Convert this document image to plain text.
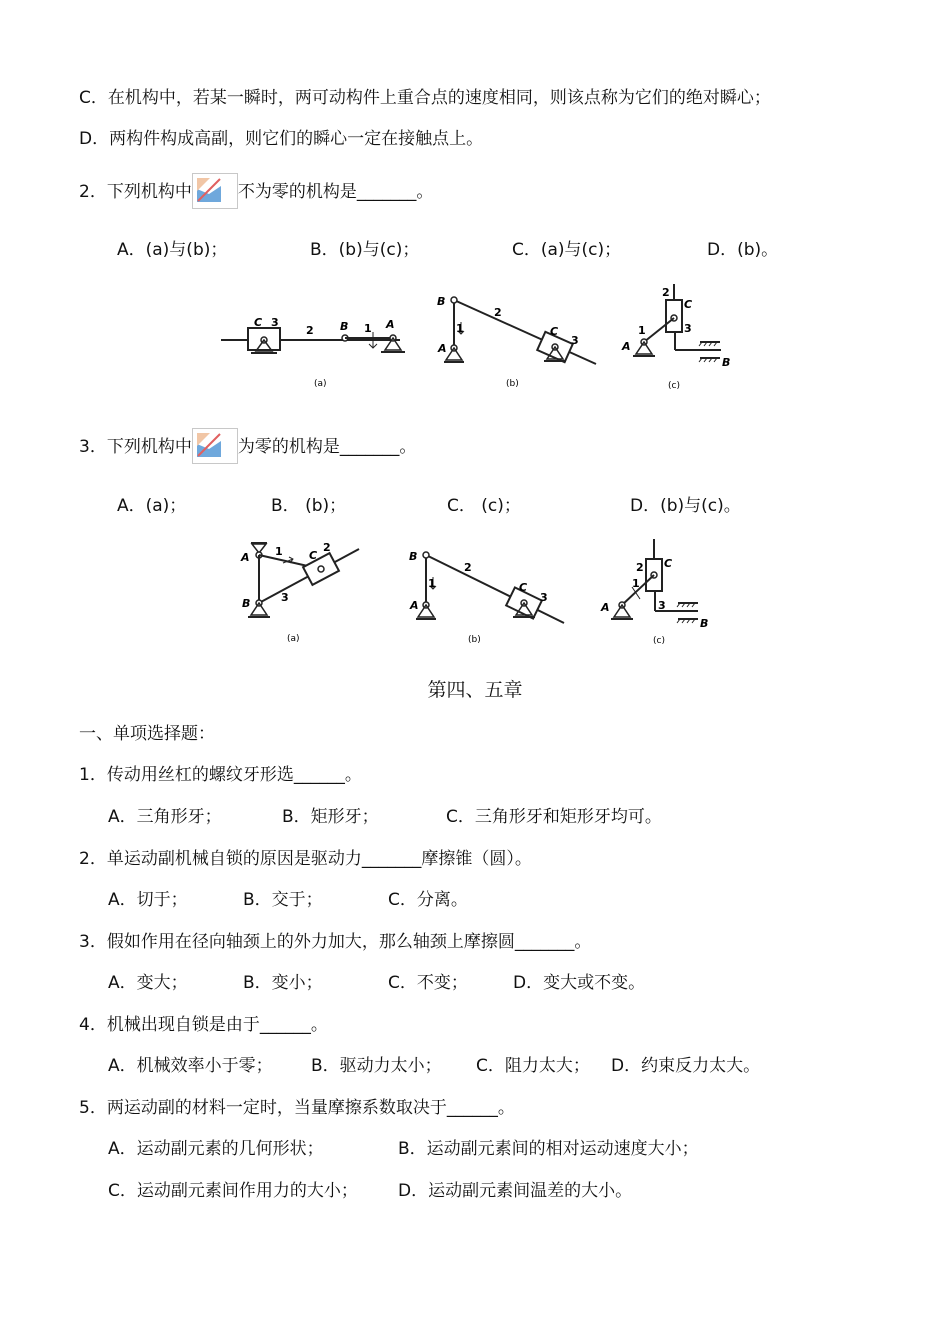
C．在机构中，若某一瞬时，两可动构件上重合点的速度相同，则该点称为它们的绝对瞬心；
D．两构件构成高副，则它们的瞬心一定在接触点上。
2．下列机构中	不为零的机构是_______。
A．(a)与(b)；	B．(b)与(c)；	C．(a)与(c)；	D．(b)。
C 3
2 B 1 A
(a)
B
1
A
2
C
3
(b)
2
C
3
1
A
B
(c)
3．下列机构中	为零的机构是_______。
A．(a)；	B． (b)；	C． (c)；	D．(b)与(c)。
A 1 C
2
B	3
(a)
B
1
A
2
C
3
(b)
C
2
1
3
A
B
(c)
第四、五章
一、单项选择题：
1．传动用丝杠的螺纹牙形选______。
A．三角形牙；	B．矩形牙；	C．三角形牙和矩形牙均可。
2．单运动副机械自锁的原因是驱动力_______摩擦锥（圆）。
A．切于；	B．交于；	C．分离。
3．假如作用在径向轴颈上的外力加大，那么轴颈上摩擦圆_______。
A．变大；	B．变小；	C．不变；	D．变大或不变。
4．机械出现自锁是由于______。
A．机械效率小于零； B．驱动力太小； C．阻力太大； D．约束反力太大。
5．两运动副的材料一定时，当量摩擦系数取决于______。
A．运动副元素的几何形状；	B．运动副元素间的相对运动速度大小；
C．运动副元素间作用力的大小； D．运动副元素间温差的大小。
